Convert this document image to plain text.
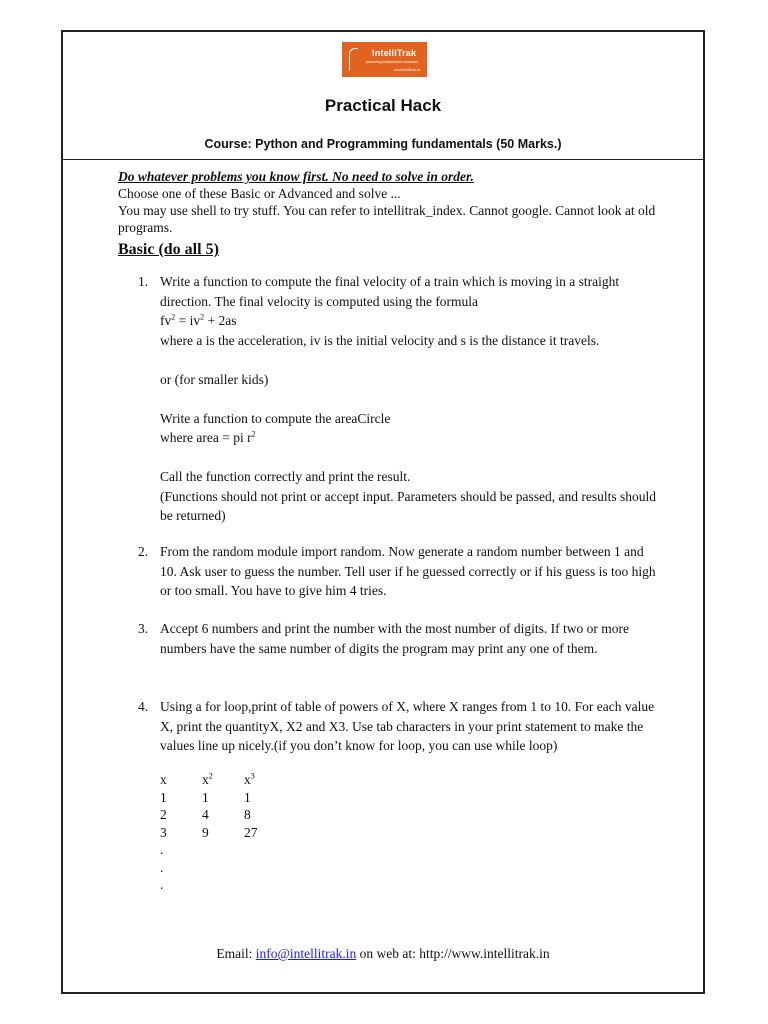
IntelliTrak
promoting independent education
www.intellitrak.in
Practical Hack
Course: Python and Programming fundamentals (50 Marks.)
Do whatever problems you know first. No need to solve in order.
Choose one of these Basic or Advanced and solve ...
You may use shell to try stuff. You can refer to intellitrak_index. Cannot google. Cannot look at old programs.
Basic (do all 5)
1. Write a function to compute the final velocity of a train which is moving in a straight direction. The final velocity is computed using the formula

$fv^2 = iv^2 + 2as$

where a is the acceleration, iv is the initial velocity and s is the distance it travels.

or (for smaller kids)

Write a function to compute the areaCircle

where area = pi $r^2$

Call the function correctly and print the result.

(Functions should not print or accept input. Parameters should be passed, and results should be returned)

2. From the random module import random. Now generate a random number between 1 and 10. Ask user to guess the number. Tell user if he guessed correctly or if his guess is too high or too small. You have to give him 4 tries.

3. Accept 6 numbers and print the number with the most number of digits. If two or more numbers have the same number of digits the program may print any one of them.

4. Using a for loop,print of table of powers of X, where X ranges from 1 to 10. For each value X, print the quantityX, X2 and X3. Use tab characters in your print statement to make the values line up nicely.(if you don’t know for loop, you can use while loop)

x	$x^2$	$x^3$
1	1	1
2	4	8
3	9	27
.
.
.
Email: info@intellitrak.in on web at: http://www.intellitrak.in
